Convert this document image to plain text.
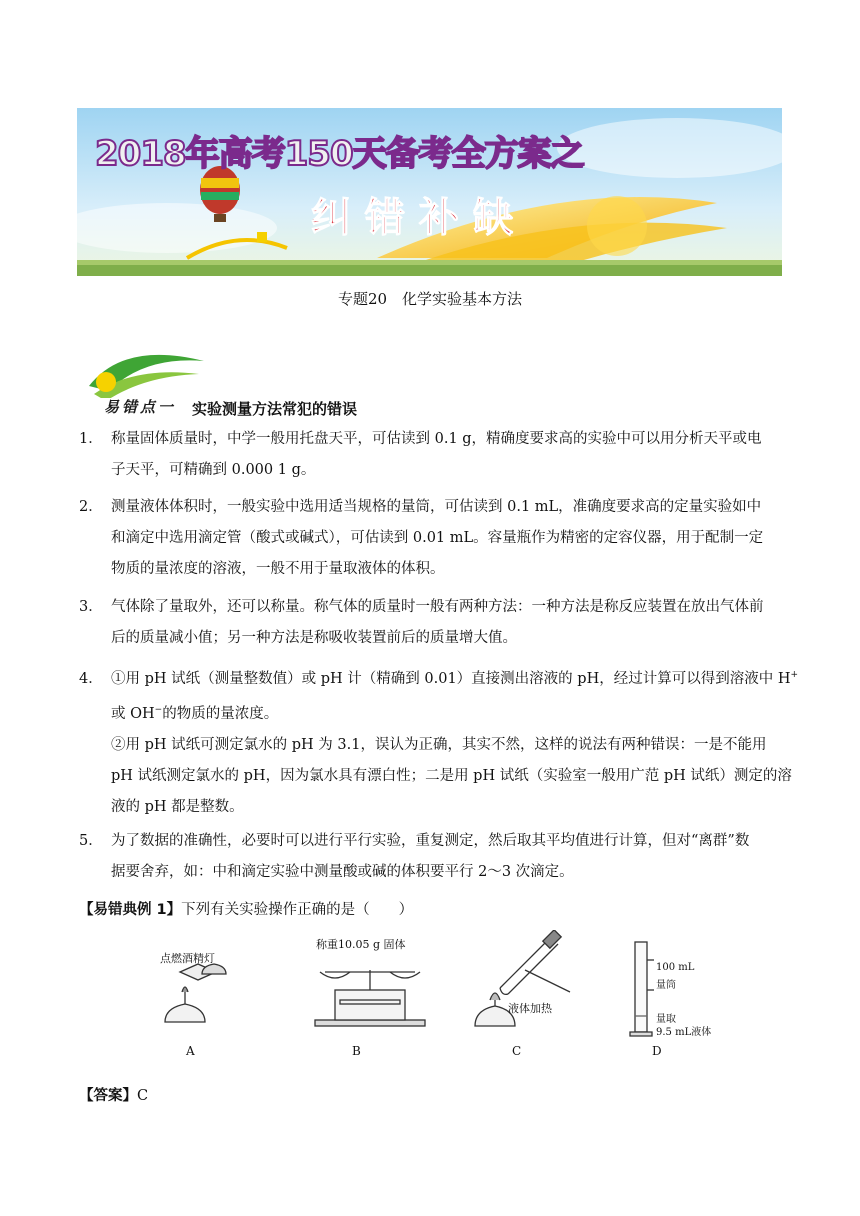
2018年高考150天备考全方案之
纠错补缺
专题20　化学实验基本方法
易错点一 实验测量方法常犯的错误
1． 称量固体质量时，中学一般用托盘天平，可估读到 0.1 g，精确度要求高的实验中可以用分析天平或电
子天平，可精确到 0.000 1 g。
2． 测量液体体积时，一般实验中选用适当规格的量筒，可估读到 0.1 mL，准确度要求高的定量实验如中
和滴定中选用滴定管（酸式或碱式），可估读到 0.01 mL。容量瓶作为精密的定容仪器，用于配制一定
物质的量浓度的溶液，一般不用于量取液体的体积。
3． 气体除了量取外，还可以称量。称气体的质量时一般有两种方法：一种方法是称反应装置在放出气体前
后的质量减小值；另一种方法是称吸收装置前后的质量增大值。
4． ①用 pH 试纸（测量整数值）或 pH 计（精确到 0.01）直接测出溶液的 pH，经过计算可以得到溶液中 H+
或 OH−的物质的量浓度。
②用 pH 试纸可测定氯水的 pH 为 3.1，误认为正确，其实不然，这样的说法有两种错误：一是不能用
pH 试纸测定氯水的 pH，因为氯水具有漂白性；二是用 pH 试纸（实验室一般用广范 pH 试纸）测定的溶
液的 pH 都是整数。
5． 为了数据的准确性，必要时可以进行平行实验，重复测定，然后取其平均值进行计算，但对“离群”数
据要舍弃，如：中和滴定实验中测量酸或碱的体积要平行 2～3 次滴定。
【易错典例 1】下列有关实验操作正确的是（　　）
点燃酒精灯
称重10.05 g 固体
液体加热
100 mL
量筒
量取
9.5 mL液体
A	B	C	D
【答案】C
